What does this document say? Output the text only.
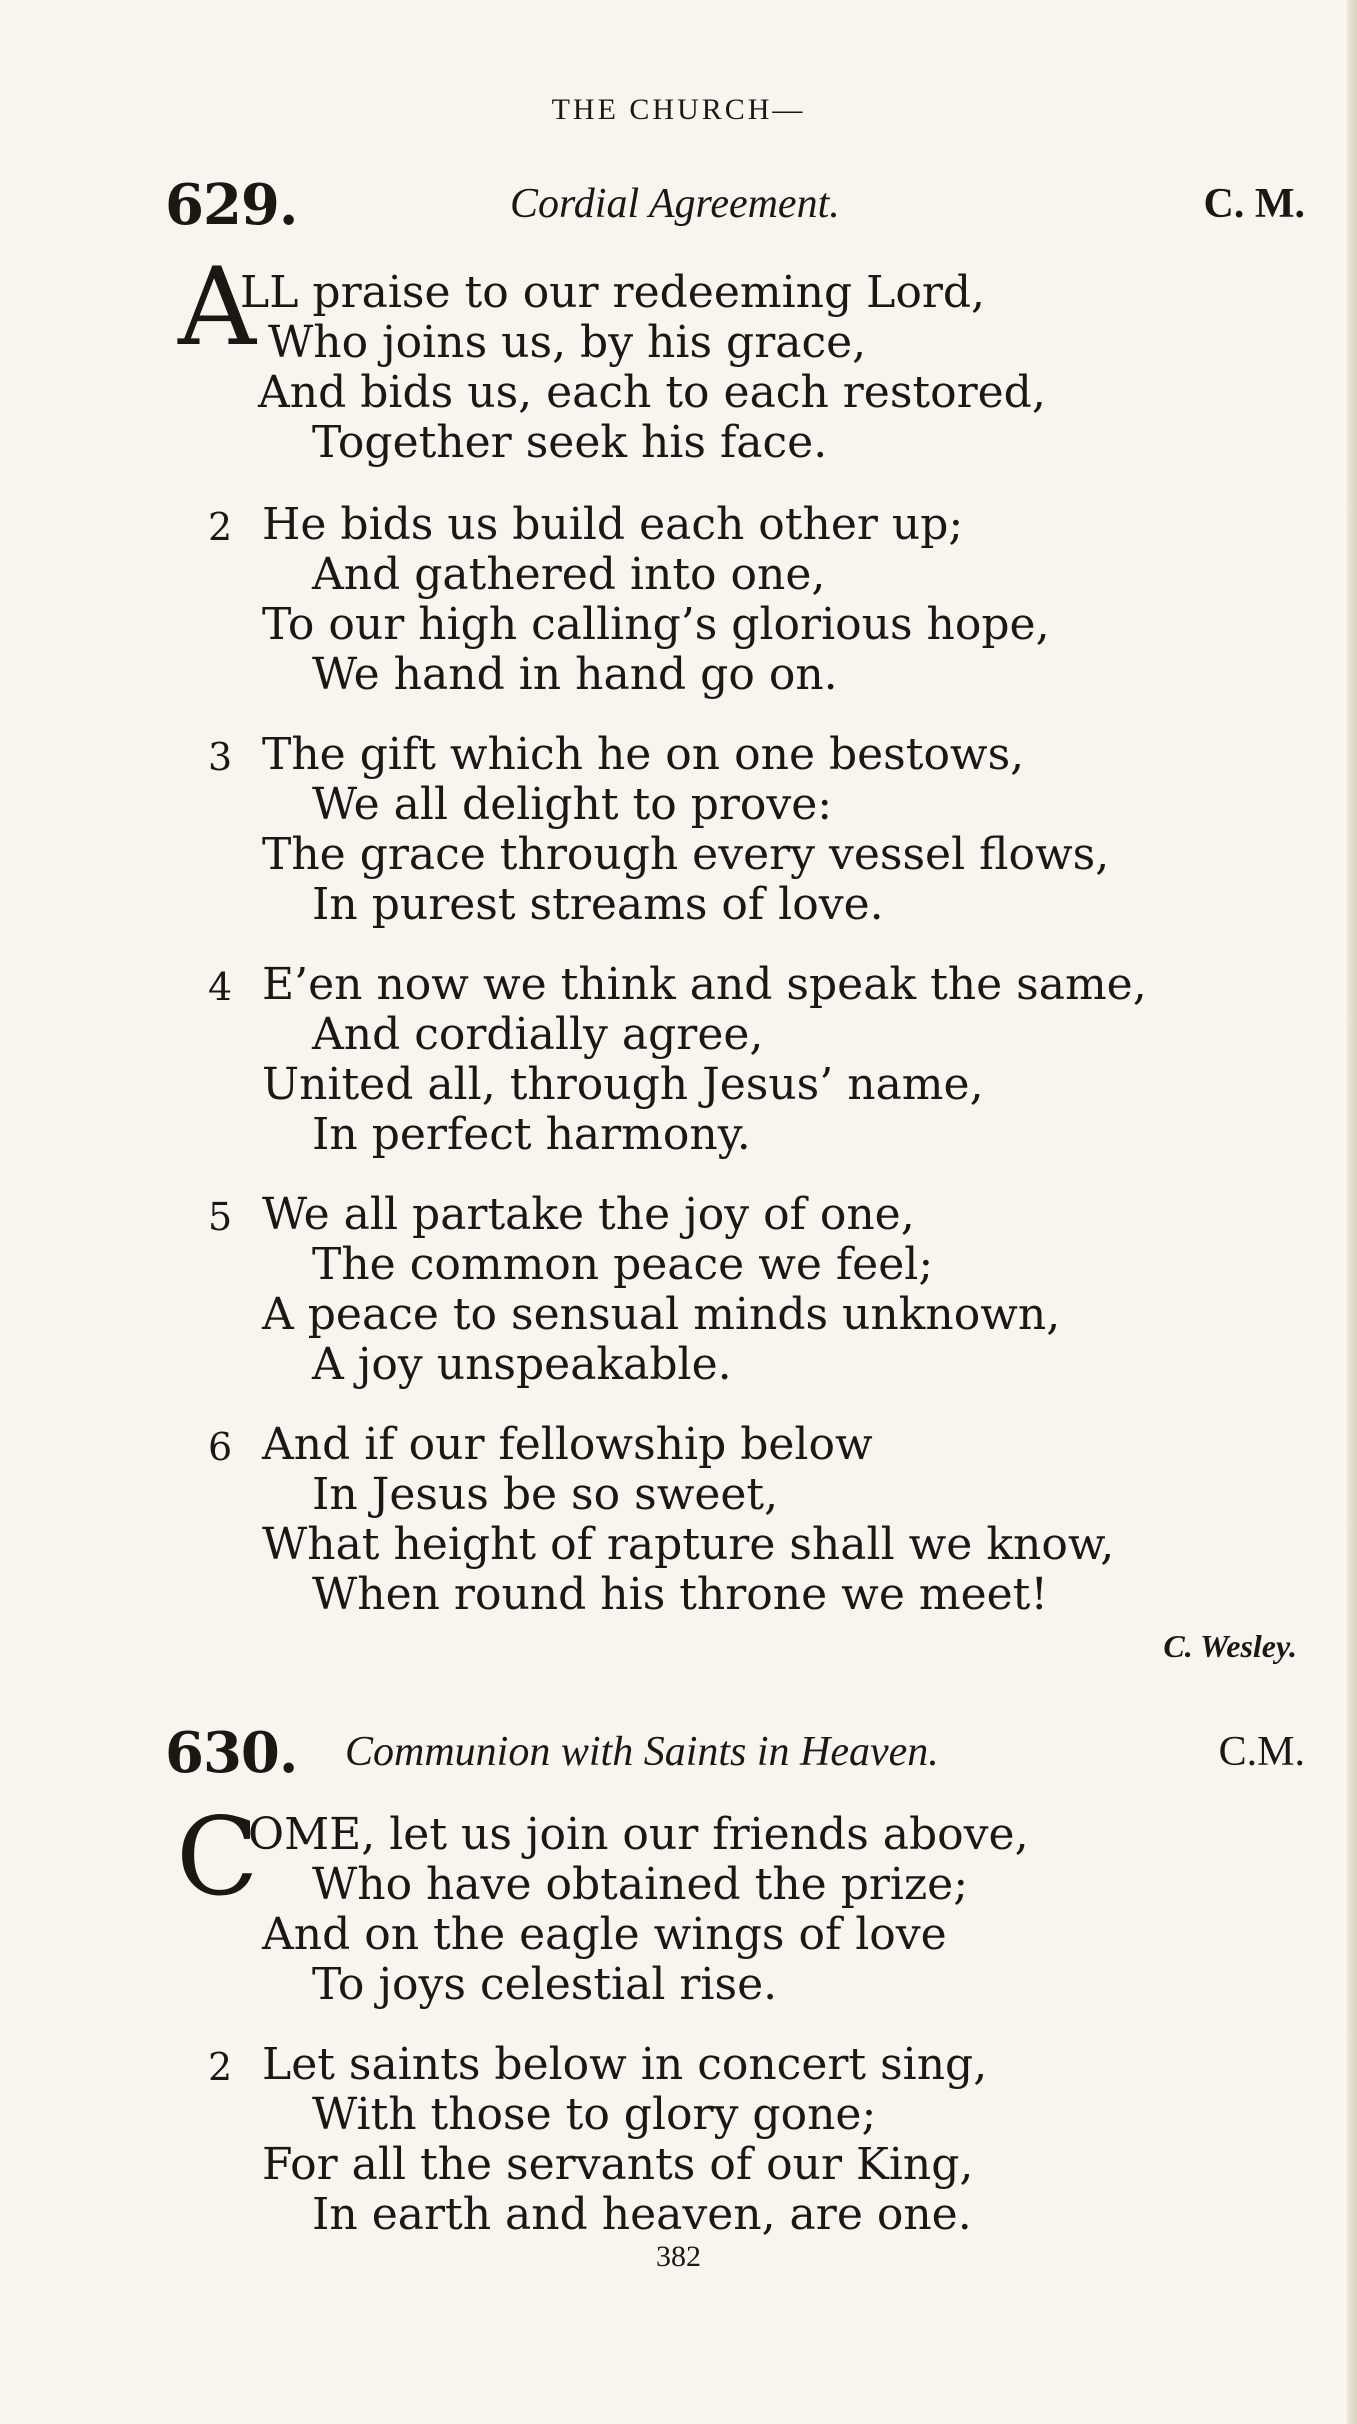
THE CHURCH—
629.	Cordial Agreement.	C. M.
A
LL praise to our redeeming Lord,
Who joins us, by his grace,
And bids us, each to each restored,
Together seek his face.
2 He bids us build each other up;
And gathered into one,
To our high calling’s glorious hope,
We hand in hand go on.
3 The gift which he on one bestows,
We all delight to prove:
The grace through every vessel flows,
In purest streams of love.
4 E’en now we think and speak the same,
And cordially agree,
United all, through Jesus’ name,
In perfect harmony.
5 We all partake the joy of one,
The common peace we feel;
A peace to sensual minds unknown,
A joy unspeakable.
6 And if our fellowship below
In Jesus be so sweet,
What height of rapture shall we know,
When round his throne we meet!
C. Wesley.
630. Communion with Saints in Heaven.	C.M.
C
OME, let us join our friends above,
Who have obtained the prize;
And on the eagle wings of love
To joys celestial rise.
2 Let saints below in concert sing,
With those to glory gone;
For all the servants of our King,
In earth and heaven, are one.
382
